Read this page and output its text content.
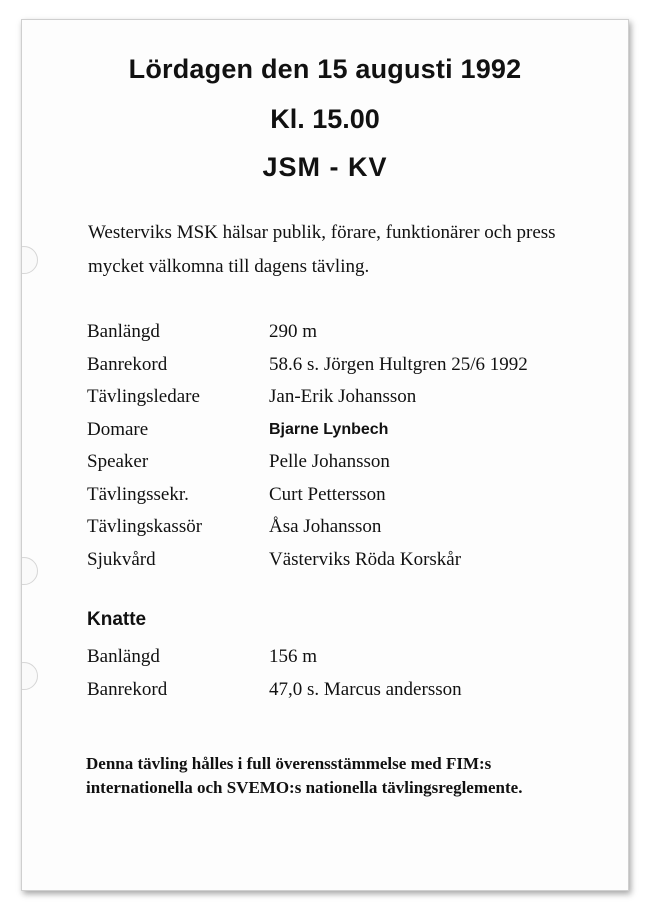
Lördagen den 15 augusti 1992
Kl. 15.00
JSM - KV
Westerviks MSK hälsar publik, förare, funktionärer och press mycket välkomna till dagens tävling.
Banlängd	290 m
Banrekord	58.6 s. Jörgen Hultgren 25/6 1992
Tävlingsledare	Jan-Erik Johansson
Domare	Bjarne Lynbech
Speaker	Pelle Johansson
Tävlingssekr.	Curt Pettersson
Tävlingskassör	Åsa Johansson
Sjukvård	Västerviks Röda Korskår
Knatte
Banlängd	156 m
Banrekord	47,0 s. Marcus andersson
Denna tävling hålles i full överensstämmelse med FIM:s internationella och SVEMO:s nationella tävlingsreglemente.
